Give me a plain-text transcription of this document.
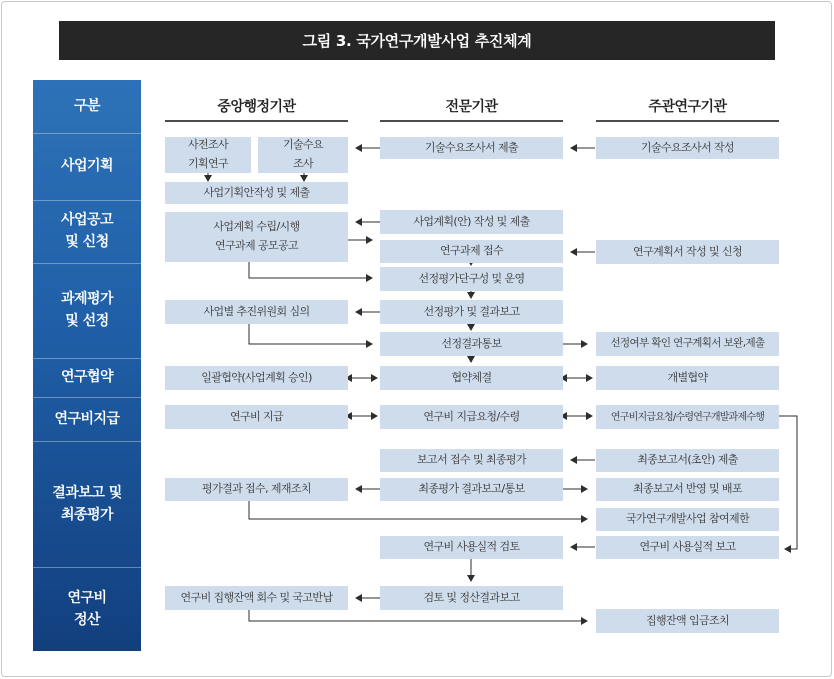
그림 3. 국가연구개발사업 추진체계
구분
사업기획
사업공고
및 신청
과제평가
및 선정
연구협약
연구비지급
결과보고 및
최종평가
연구비
정산
중앙행정기관	전문기관	주관연구기관
사전조사
기획연구
기술수요
조사
사업기획안작성 및 제출
사업계획 수립/시행
연구과제 공모공고
사업별 추진위원회 심의
일괄협약(사업계획 승인)
연구비 지급
평가결과 접수, 제재조치
연구비 집행잔액 회수 및 국고반납
기술수요조사서 제출
사업계획(안) 작성 및 제출
연구과제 접수
선정평가단구성 및 운영
선정평가 및 결과보고
선정결과통보
협약체결
연구비 지급요청/수령
보고서 접수 및 최종평가
최종평가 결과보고/통보
연구비 사용실적 검토
검토 및 정산결과보고
기술수요조사서 작성
연구계획서 작성 및 신청
선정여부 확인 연구계획서 보완,제출
개별협약
연구비지급요청/수령연구개발과제수행
최종보고서(초안) 제출
최종보고서 반영 및 배포
국가연구개발사업 참여제한
연구비 사용실적 보고
집행잔액 입금조치
